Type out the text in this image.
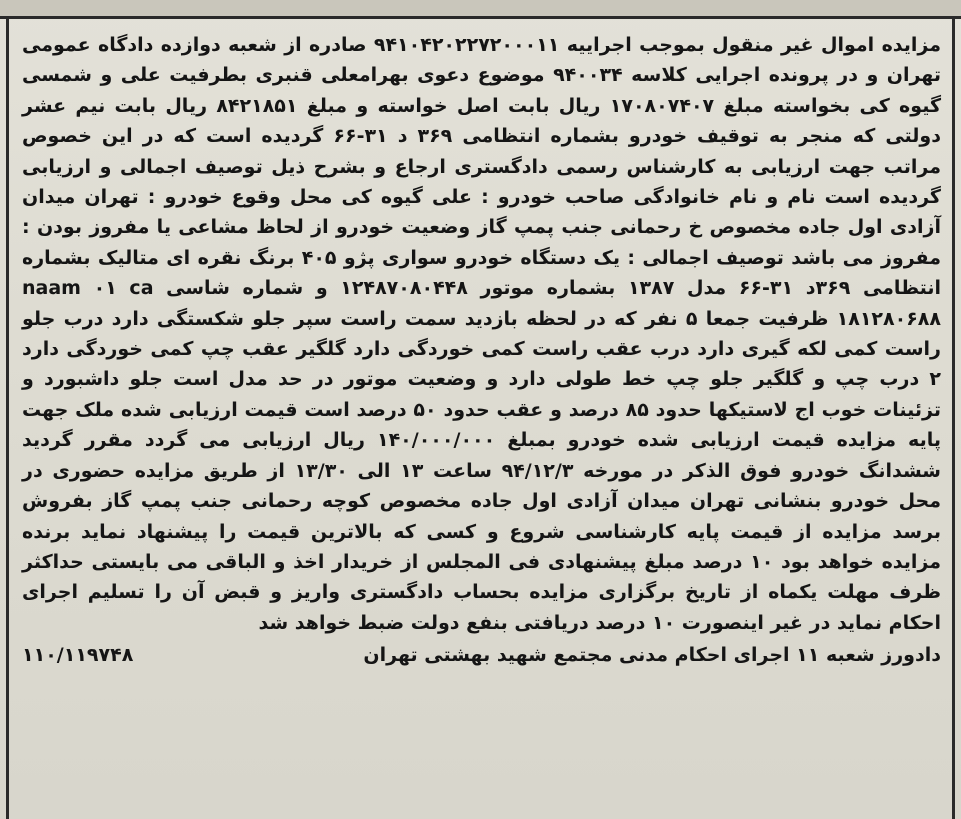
مزایده اموال غیر منقول بموجب اجراییه ۹۴۱۰۴۲۰۲۲۷۲۰۰۰۱۱ صادره از شعبه دوازده دادگاه عمومی تهران و در پرونده اجرایی کلاسه ۹۴۰۰۳۴ موضوع دعوی بهرامعلی قنبری بطرفیت علی و شمسی گیوه کی بخواسته مبلغ ۱۷۰۸۰۷۴۰۷ ریال بابت اصل خواسته و مبلغ ۸۴۲۱۸۵۱ ریال بابت نیم عشر دولتی که منجر به توقیف خودرو بشماره انتظامی ۳۶۹ د ۳۱-۶۶ گردیده است که در این خصوص مراتب جهت ارزیابی به کارشناس رسمی دادگستری ارجاع و بشرح ذیل توصیف اجمالی و ارزیابی گردیده است نام و نام خانوادگی صاحب خودرو : علی گیوه کی محل وقوع خودرو : تهران میدان آزادی اول جاده مخصوص خ رحمانی جنب پمپ گاز وضعیت خودرو از لحاظ مشاعی یا مفروز بودن : مفروز می باشد توصیف اجمالی : یک دستگاه خودرو سواری پژو ۴۰۵ برنگ نقره ای متالیک بشماره انتظامی ۳۶۹د ۳۱-۶۶ مدل ۱۳۸۷ بشماره موتور ۱۲۴۸۷۰۸۰۴۴۸ و شماره شاسی naam ۰۱ ca ۱۸۱۲۸۰۶۸۸ ظرفیت جمعا ۵ نفر که در لحظه بازدید سمت راست سپر جلو شکستگی دارد درب جلو راست کمی لکه گیری دارد درب عقب راست کمی خوردگی دارد گلگیر عقب چپ کمی خوردگی دارد ۲ درب چپ و گلگیر جلو چپ خط طولی دارد و وضعیت موتور در حد مدل است جلو داشبورد و تزئینات خوب اج لاستیکها حدود ۸۵ درصد و عقب حدود ۵۰ درصد است قیمت ارزیابی شده ملک جهت پایه مزایده قیمت ارزیابی شده خودرو بمبلغ ۱۴۰/۰۰۰/۰۰۰ ریال ارزیابی می گردد مقرر گردید ششدانگ خودرو فوق الذکر در مورخه ۹۴/۱۲/۳ ساعت ۱۳ الی ۱۳/۳۰ از طریق مزایده حضوری در محل خودرو بنشانی تهران میدان آزادی اول جاده مخصوص کوچه رحمانی جنب پمپ گاز بفروش برسد مزایده از قیمت پایه کارشناسی شروع و کسی که بالاترین قیمت را پیشنهاد نماید برنده مزایده خواهد بود ۱۰ درصد مبلغ پیشنهادی فی المجلس از خریدار اخذ و الباقی می بایستی حداکثر ظرف مهلت یکماه از تاریخ برگزاری مزایده بحساب دادگستری واریز و قبض آن را تسلیم اجرای احکام نماید در غیر اینصورت ۱۰ درصد دریافتی بنفع دولت ضبط خواهد شد

دادورز شعبه ۱۱ اجرای احکام مدنی مجتمع شهید بهشتی تهران
۱۱۰/۱۱۹۷۴۸
